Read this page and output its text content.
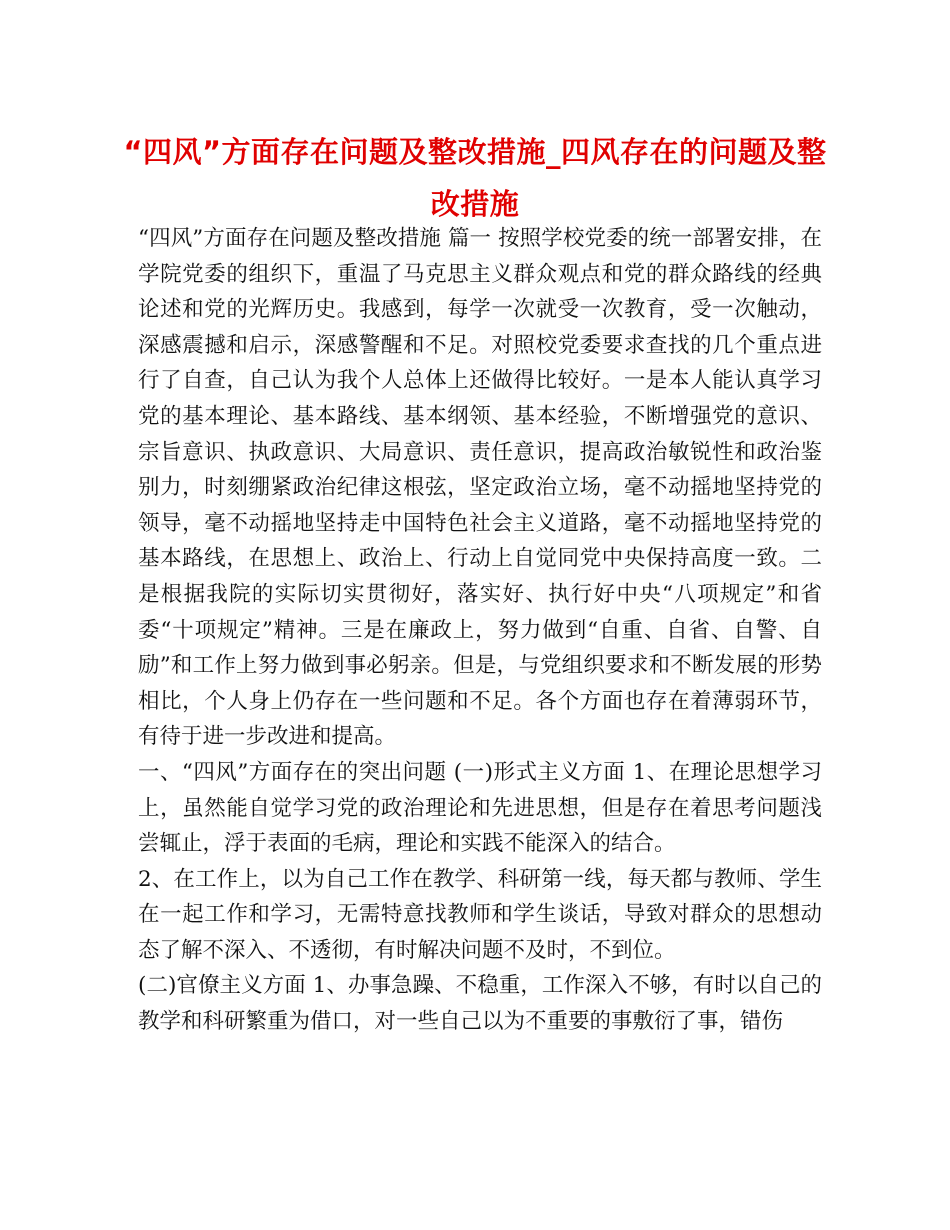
“四风”方面存在问题及整改措施_四风存在的问题及整改措施

“四风”方面存在问题及整改措施 篇一 按照学校党委的统一部署安排，在学院党委的组织下，重温了马克思主义群众观点和党的群众路线的经典论述和党的光辉历史。我感到，每学一次就受一次教育，受一次触动，深感震撼和启示，深感警醒和不足。对照校党委要求查找的几个重点进行了自查，自己认为我个人总体上还做得比较好。一是本人能认真学习党的基本理论、基本路线、基本纲领、基本经验，不断增强党的意识、宗旨意识、执政意识、大局意识、责任意识，提高政治敏锐性和政治鉴别力，时刻绷紧政治纪律这根弦，坚定政治立场，毫不动摇地坚持党的领导，毫不动摇地坚持走中国特色社会主义道路，毫不动摇地坚持党的基本路线，在思想上、政治上、行动上自觉同党中央保持高度一致。二是根据我院的实际切实贯彻好，落实好、执行好中央“八项规定”和省委“十项规定”精神。三是在廉政上，努力做到“自重、自省、自警、自励”和工作上努力做到事必躬亲。但是，与党组织要求和不断发展的形势相比，个人身上仍存在一些问题和不足。各个方面也存在着薄弱环节，有待于进一步改进和提高。

一、“四风”方面存在的突出问题 (一)形式主义方面 1、在理论思想学习上，虽然能自觉学习党的政治理论和先进思想，但是存在着思考问题浅尝辄止，浮于表面的毛病，理论和实践不能深入的结合。

2、在工作上，以为自己工作在教学、科研第一线，每天都与教师、学生在一起工作和学习，无需特意找教师和学生谈话，导致对群众的思想动态了解不深入、不透彻，有时解决问题不及时，不到位。

(二)官僚主义方面 1、办事急躁、不稳重，工作深入不够，有时以自己的教学和科研繁重为借口，对一些自己以为不重要的事敷衍了事，错伤
